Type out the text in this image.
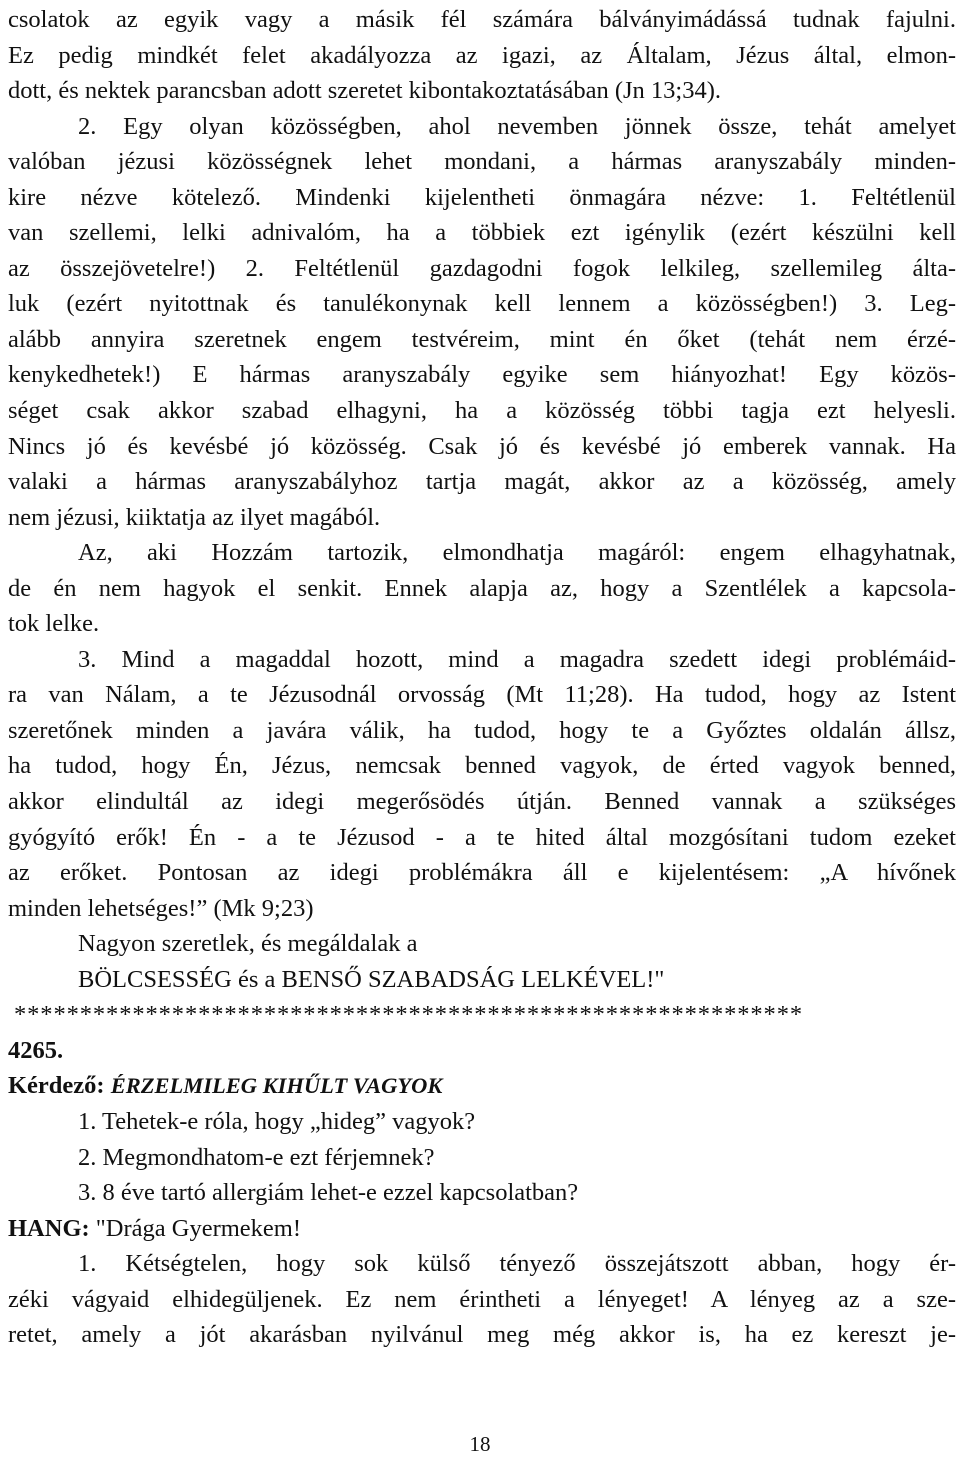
csolatok az egyik vagy a másik fél számára bálványimádássá tudnak fajulni.
Ez pedig mindkét felet akadályozza az igazi, az Általam, Jézus által, elmon-
dott, és nektek parancsban adott szeretet kibontakoztatásában (Jn 13;34).
2. Egy olyan közösségben, ahol nevemben jönnek össze, tehát amelyet
valóban jézusi közösségnek lehet mondani, a hármas aranyszabály minden-
kire nézve kötelező. Mindenki kijelentheti önmagára nézve: 1. Feltétlenül
van szellemi, lelki adnivalóm, ha a többiek ezt igénylik (ezért készülni kell
az összejövetelre!) 2. Feltétlenül gazdagodni fogok lelkileg, szellemileg álta-
luk (ezért nyitottnak és tanulékonynak kell lennem a közösségben!) 3. Leg-
alább annyira szeretnek engem testvéreim, mint én őket (tehát nem érzé-
kenykedhetek!) E hármas aranyszabály egyike sem hiányozhat! Egy közös-
séget csak akkor szabad elhagyni, ha a közösség többi tagja ezt helyesli.
Nincs jó és kevésbé jó közösség. Csak jó és kevésbé jó emberek vannak. Ha
valaki a hármas aranyszabályhoz tartja magát, akkor az a közösség, amely
nem jézusi, kiiktatja az ilyet magából.
Az, aki Hozzám tartozik, elmondhatja magáról: engem elhagyhatnak,
de én nem hagyok el senkit. Ennek alapja az, hogy a Szentlélek a kapcsola-
tok lelke.
3. Mind a magaddal hozott, mind a magadra szedett idegi problémáid-
ra van Nálam, a te Jézusodnál orvosság (Mt 11;28). Ha tudod, hogy az Istent
szeretőnek minden a javára válik, ha tudod, hogy te a Győztes oldalán állsz,
ha tudod, hogy Én, Jézus, nemcsak benned vagyok, de érted vagyok benned,
akkor elindultál az idegi megerősödés útján. Benned vannak a szükséges
gyógyító erők! Én - a te Jézusod - a te hited által mozgósítani tudom ezeket
az erőket. Pontosan az idegi problémákra áll e kijelentésem: „A hívőnek
minden lehetséges!” (Mk 9;23)
Nagyon szeretlek, és megáldalak a
BÖLCSESSÉG és a BENSŐ SZABADSÁG LELKÉVEL!"
************************************************************
4265.
Kérdező: ÉRZELMILEG KIHŰLT VAGYOK
1. Tehetek-e róla, hogy „hideg” vagyok?
2. Megmondhatom-e ezt férjemnek?
3. 8 éve tartó allergiám lehet-e ezzel kapcsolatban?
HANG: "Drága Gyermekem!
1. Kétségtelen, hogy sok külső tényező összejátszott abban, hogy ér-
zéki vágyaid elhidegüljenek. Ez nem érintheti a lényeget! A lényeg az a sze-
retet, amely a jót akarásban nyilvánul meg még akkor is, ha ez kereszt je-
18
